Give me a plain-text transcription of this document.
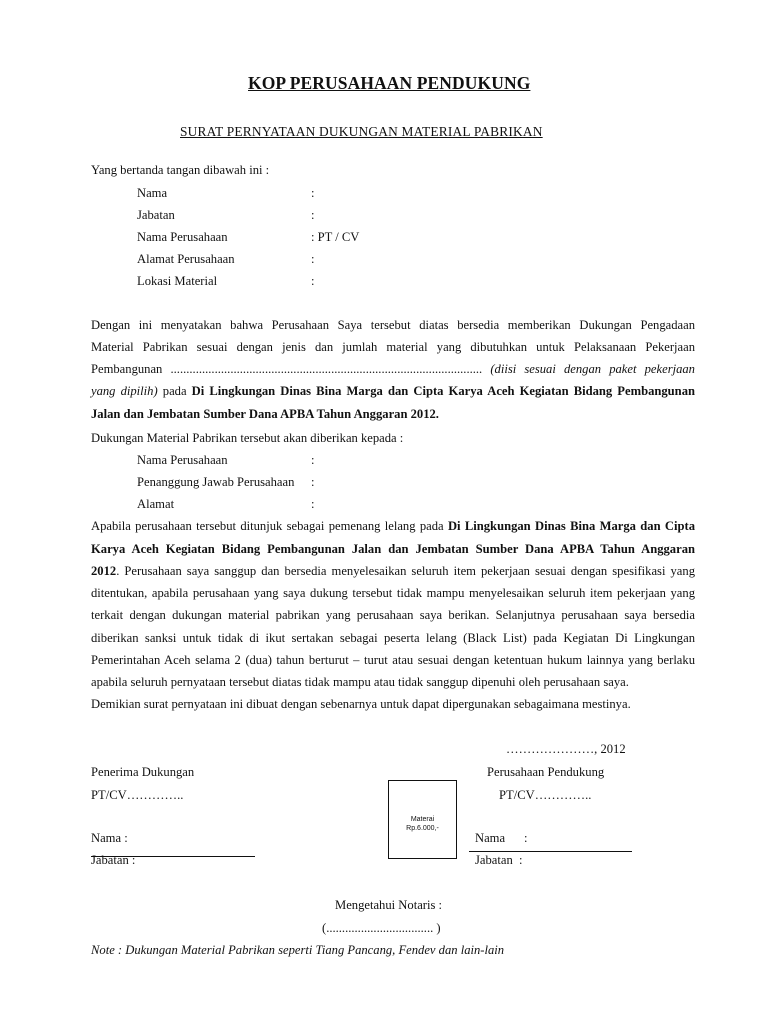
KOP PERUSAHAAN PENDUKUNG
SURAT PERNYATAAN DUKUNGAN MATERIAL PABRIKAN
Yang bertanda tangan dibawah ini :
Nama	:
Jabatan	:
Nama Perusahaan	: PT / CV
Alamat Perusahaan	:
Lokasi Material	:
Dengan ini menyatakan bahwa Perusahaan Saya tersebut diatas bersedia memberikan Dukungan Pengadaan
Material Pabrikan sesuai dengan jenis dan jumlah material yang dibutuhkan untuk Pelaksanaan Pekerjaan
Pembangunan ................................................................................................... (diisi sesuai dengan paket pekerjaan
yang dipilih) pada Di Lingkungan Dinas Bina Marga dan Cipta Karya Aceh Kegiatan Bidang Pembangunan
Jalan dan Jembatan Sumber Dana APBA Tahun Anggaran 2012.
Dukungan Material Pabrikan tersebut akan diberikan kepada :
Nama Perusahaan	:
Penanggung Jawab Perusahaan :
Alamat	:
Apabila perusahaan tersebut ditunjuk sebagai pemenang lelang pada Di Lingkungan Dinas Bina Marga dan Cipta
Karya Aceh Kegiatan Bidang Pembangunan Jalan dan Jembatan Sumber Dana APBA Tahun Anggaran
2012. Perusahaan saya sanggup dan bersedia menyelesaikan seluruh item pekerjaan sesuai dengan spesifikasi yang
ditentukan, apabila perusahaan yang saya dukung tersebut tidak mampu menyelesaikan seluruh item pekerjaan yang
terkait dengan dukungan material pabrikan yang perusahaan saya berikan. Selanjutnya perusahaan saya bersedia
diberikan sanksi untuk tidak di ikut sertakan sebagai peserta lelang (Black List) pada Kegiatan Di Lingkungan
Pemerintahan Aceh selama 2 (dua) tahun berturut – turut atau sesuai dengan ketentuan hukum lainnya yang berlaku
apabila seluruh pernyataan tersebut diatas tidak mampu atau tidak sanggup dipenuhi oleh perusahaan saya.
Demikian surat pernyataan ini dibuat dengan sebenarnya untuk dapat dipergunakan sebagaimana mestinya.
…………………, 2012
Penerima Dukungan
PT/CV…………..
Nama :
Jabatan :
Materai
Rp.6.000,-
Perusahaan Pendukung
PT/CV…………..
Nama      :
Jabatan  :
Mengetahui Notaris :
(.................................. )
Note : Dukungan Material Pabrikan seperti Tiang Pancang, Fendev dan lain-lain
